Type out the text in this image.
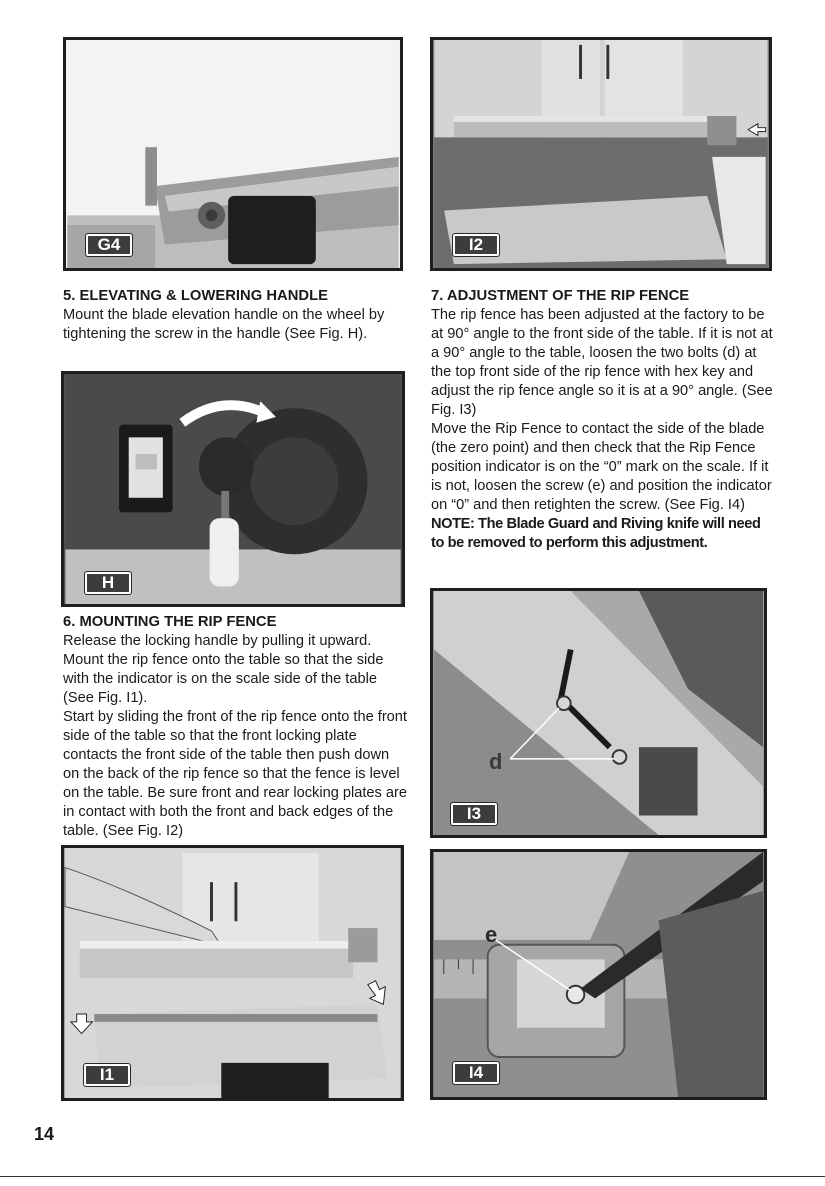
G4	I2
5. ELEVATING & LOWERING HANDLE

Mount the blade elevation handle on the wheel by tightening the screw in the handle (See Fig. H).

7. ADJUSTMENT OF THE RIP FENCE

The rip fence has been adjusted at the factory to be at 90° angle to the front side of the table. If it is not at a 90° angle to the table, loosen the two bolts (d) at the top front side of the rip fence with hex key and adjust the rip fence angle so it is at a 90° angle. (See Fig. I3)

Move the Rip Fence to contact the side of the blade (the zero point) and then check that the Rip Fence position indicator is on the “0” mark on the scale. If it is not, loosen the screw (e) and position the indicator on “0” and then retighten the screw. (See Fig. I4)

NOTE: The Blade Guard and Riving knife will need to be removed to perform this adjustment.

H
d
I3
6. MOUNTING THE RIP FENCE

Release the locking handle by pulling it upward. Mount the rip fence onto the table so that the side with the indicator is on the scale side of the table (See Fig. I1).

Start by sliding the front of the rip fence onto the front side of the table so that the front locking plate contacts the front side of the table then push down on the back of the rip fence so that the fence is level on the table. Be sure front and rear locking plates are in contact with both the front and back edges of the table. (See Fig. I2)

I1
e
I4
14
